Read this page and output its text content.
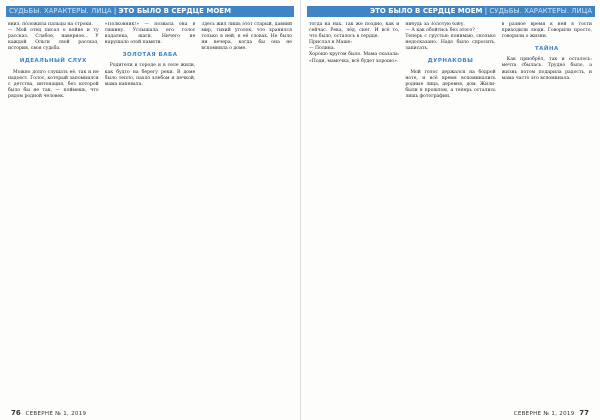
СУДЬБЫ. ХАРАКТЕРЫ. ЛИЦА | ЭТО БЫЛО В СЕРДЦЕ МОЕМ

вниз, положила пальцы на строки.
— Мой отец писал о войне и ту рассказ. Слабое, наверное... У каждой Ольги свой рассказ, история, своя судьба.

ИДЕАЛЬНЫЙ СЛУХ

Можно долго слушать её, так и не надоест. Голос, который запомнился с детства, интонация, без которой было бы не так, — поймешь, что рядом родной человек.

«Полковник!» — позвала она в тишину. Услышала его голос издалека, шаги. Ничего не нарушало этой памяти.

ЗОЛОТАЯ БАБА

Родители в городе и в селе жили, как будто на берегу реки. В доме было тепло, пахло хлебом и печкой, мама напевала.

Здесь жил лишь этот старый, давний мир, тихий уголок, что хранился только в ней, в её словах. Не было ни вечера, когда бы она не вспомнила о доме.

76 СЕВЕРНЕ № 1, 2019
ЭТО БЫЛО В СЕРДЦЕ МОЕМ | СУДЬБЫ. ХАРАКТЕРЫ. ЛИЦА

тогда на Вах. Так же поздно, как и сейчас. Река, лёд, снег. И всё то, что было, осталось в сердце.
Прислал к Маше:
— Полина.
Хорошо кругом было. Мама сказала: «Поди, мамочка, всё будет хорошо».

нибудь за Золотую бабу.
— А как обойтись без этого?
Теперь с грустью понимаю, сколько недосказано. Надо было спросить, записать.

ДУРНАКОВЫ

Мой голос держался на бодрой ноте, и всё время вспоминались родные лица, деревня, дом. Жили-были в прошлом, а теперь остались лишь фотографии.

в разное время к ней в гости приходили люди. Говорили просто, говорили о жизни.

ТАЙНА

Как приобрёл, так и осталось: мечта сбылась. Трудно было, а жизнь потом подарила радость, и мама часто это вспоминала.

СЕВЕРНЕ № 1, 2019 77
